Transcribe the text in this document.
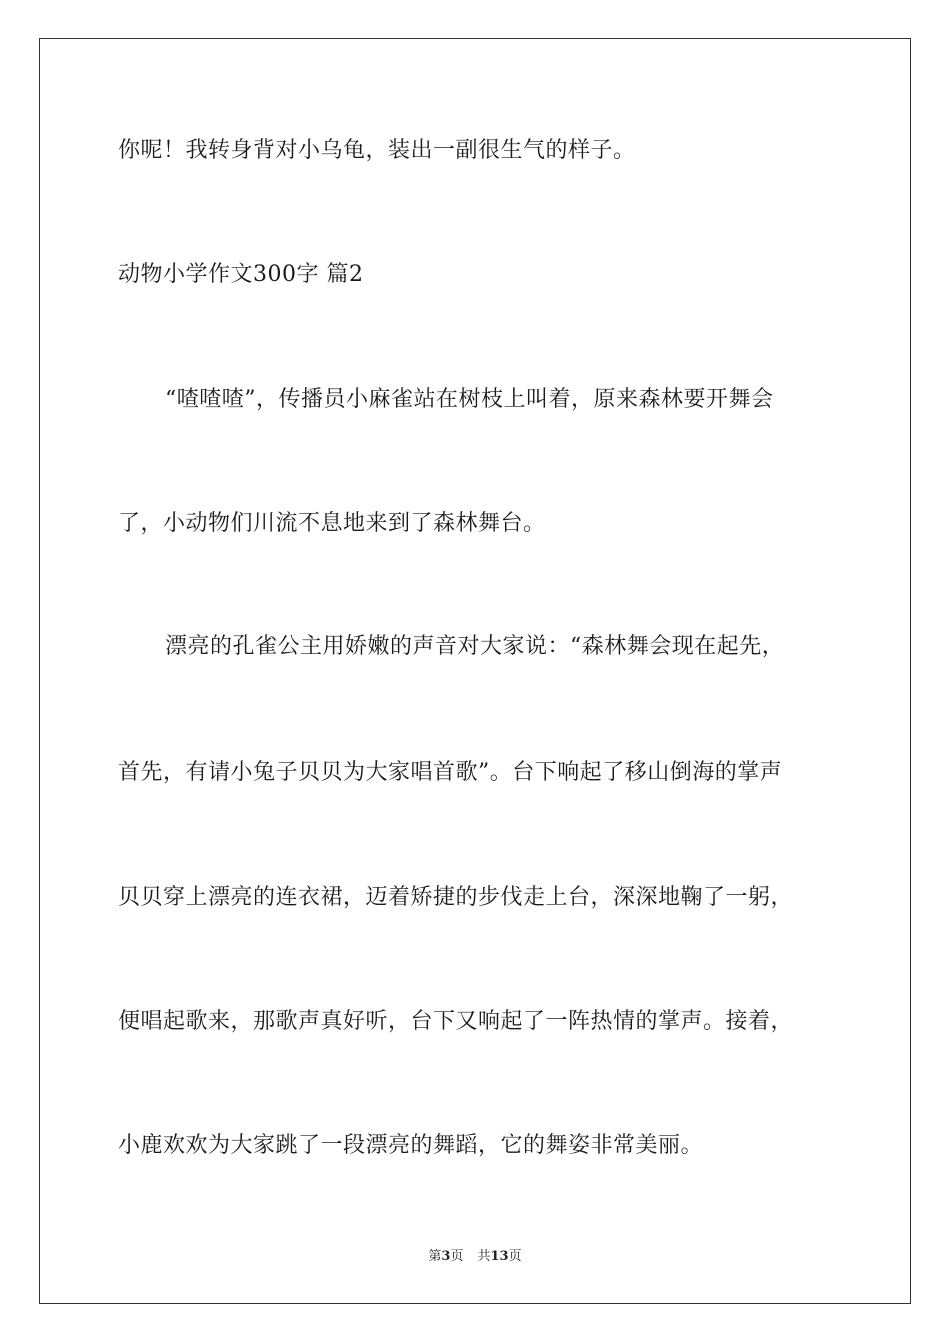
你呢！我转身背对小乌龟，装出一副很生气的样子。
动物小学作文300字 篇2
“喳喳喳”，传播员小麻雀站在树枝上叫着，原来森林要开舞会
了，小动物们川流不息地来到了森林舞台。
漂亮的孔雀公主用娇嫩的声音对大家说：“森林舞会现在起先，
首先，有请小兔子贝贝为大家唱首歌”。台下响起了移山倒海的掌声
贝贝穿上漂亮的连衣裙，迈着矫捷的步伐走上台，深深地鞠了一躬，
便唱起歌来，那歌声真好听，台下又响起了一阵热情的掌声。接着，
小鹿欢欢为大家跳了一段漂亮的舞蹈，它的舞姿非常美丽。
第3页 共13页
